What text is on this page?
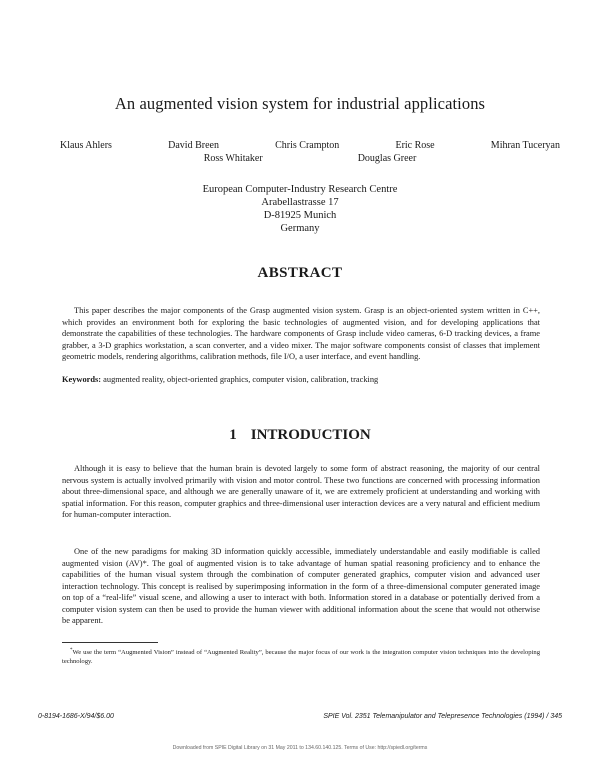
An augmented vision system for industrial applications
Klaus Ahlers	David Breen	Chris Crampton	Eric Rose	Mihran Tuceryan
Ross Whitaker	Douglas Greer
European Computer-Industry Research Centre
Arabellastrasse 17
D-81925 Munich
Germany
ABSTRACT
This paper describes the major components of the Grasp augmented vision system. Grasp is an object-oriented system written in C++, which provides an environment both for exploring the basic technologies of augmented vision, and for developing applications that demonstrate the capabilities of these technologies. The hardware components of Grasp include video cameras, 6-D tracking devices, a frame grabber, a 3-D graphics workstation, a scan converter, and a video mixer. The major software components consist of classes that implement geometric models, rendering algorithms, calibration methods, file I/O, a user interface, and event handling.
Keywords: augmented reality, object-oriented graphics, computer vision, calibration, tracking
1 INTRODUCTION
Although it is easy to believe that the human brain is devoted largely to some form of abstract reasoning, the majority of our central nervous system is actually involved primarily with vision and motor control. These two functions are concerned with processing information about three-dimensional space, and although we are generally unaware of it, we are extremely proficient at understanding and working with spatial information. For this reason, computer graphics and three-dimensional user interaction devices are a very natural and efficient medium for human-computer interaction.
One of the new paradigms for making 3D information quickly accessible, immediately understandable and easily modifiable is called augmented vision (AV)*. The goal of augmented vision is to take advantage of human spatial reasoning proficiency and to enhance the capabilities of the human visual system through the combination of computer generated graphics, computer vision and advanced user interaction technology. This concept is realised by superimposing information in the form of a three-dimensional computer generated image on top of a “real-life” visual scene, and allowing a user to interact with both. Information stored in a database or potentially derived from a computer vision system can then be used to provide the human viewer with additional information about the scene that would not otherwise be apparent.
*We use the term “Augmented Vision” instead of “Augmented Reality”, because the major focus of our work is the integration computer vision techniques into the developing technology.
0-8194-1686-X/94/$6.00	SPIE Vol. 2351 Telemanipulator and Telepresence Technologies (1994) / 345
Downloaded from SPIE Digital Library on 31 May 2011 to 134.60.140.125. Terms of Use: http://spiedl.org/terms
